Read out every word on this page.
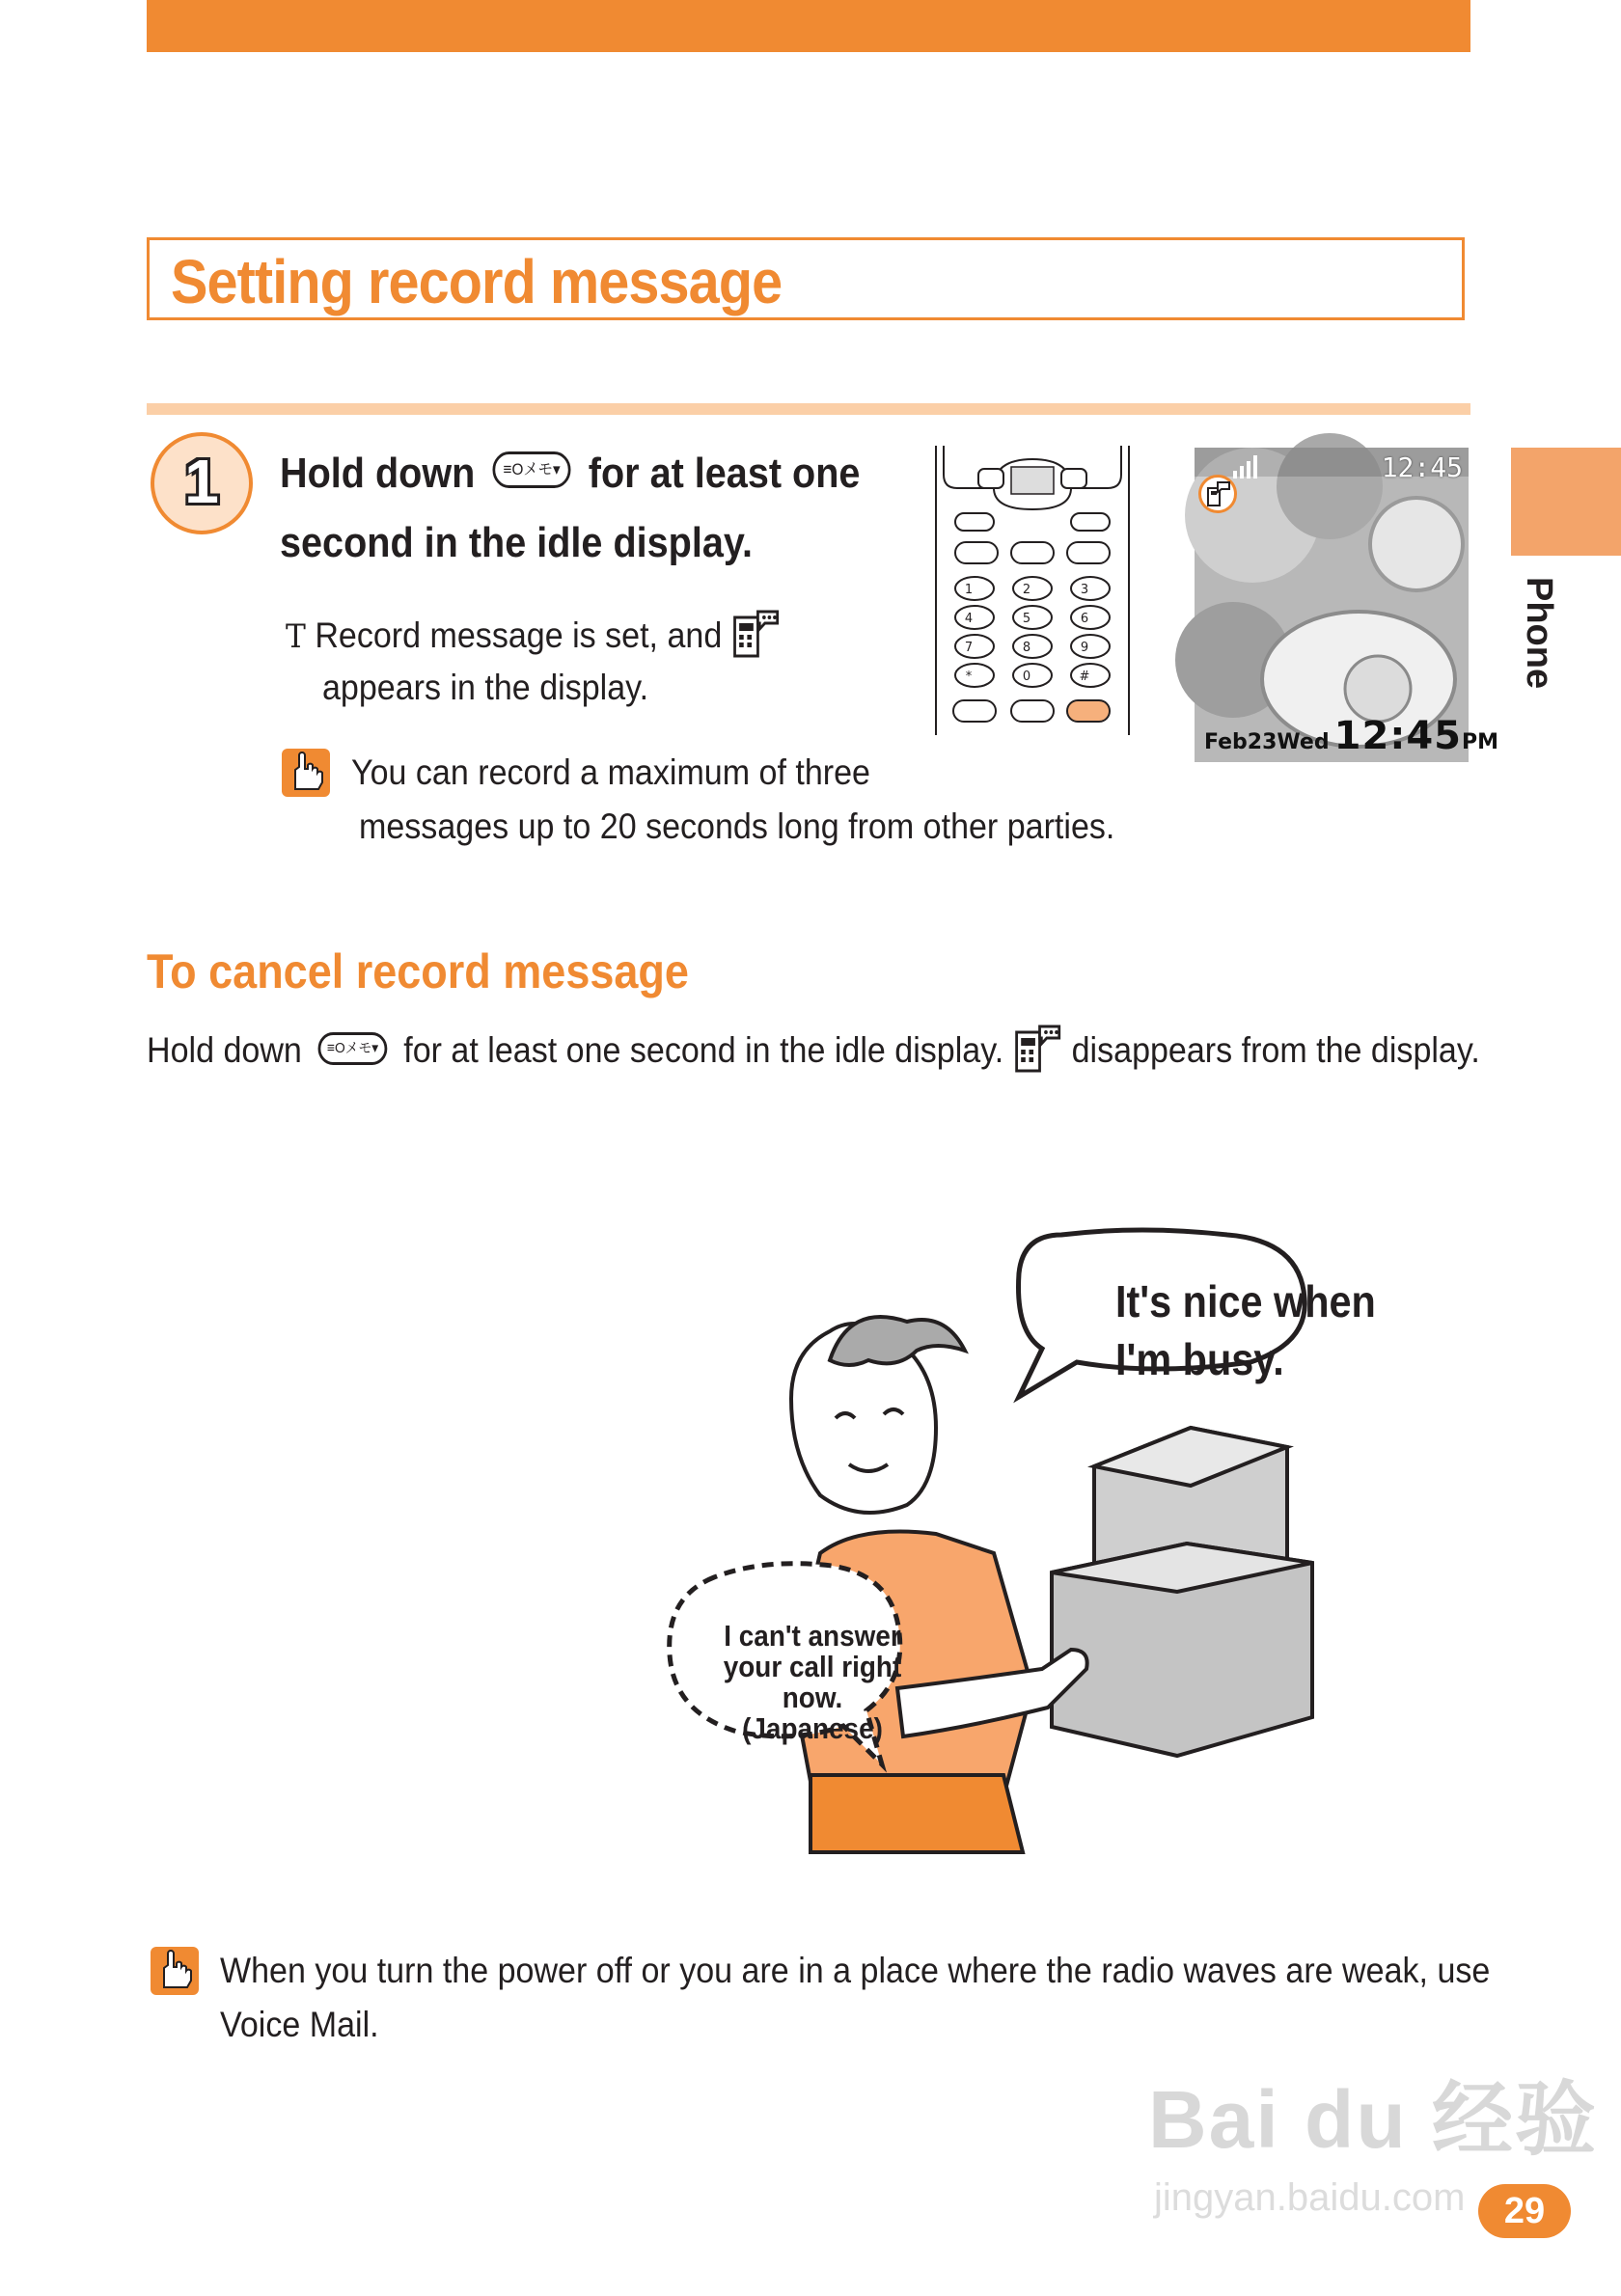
Setting record message
Phone
1	Hold down ≡Oメモ▾ for at least one
second in the idle display.
T Record message is set, and
appears in the display.
You can record a maximum of three
messages up to 20 seconds long from other parties.
1	2	3
4	5	6
7	8	9
*	0	#
12:45
Feb23Wed 12:45PM
To cancel record message
Hold down ≡Oメモ▾ for at least one second in the idle display. disappears from the display.
It's nice when
I'm busy.
I can't answer
your call right
now.
(Japanese)
When you turn the power off or you are in a place where the radio waves are weak, use
Voice Mail.
Bai du 经验
jingyan.baidu.com	29
